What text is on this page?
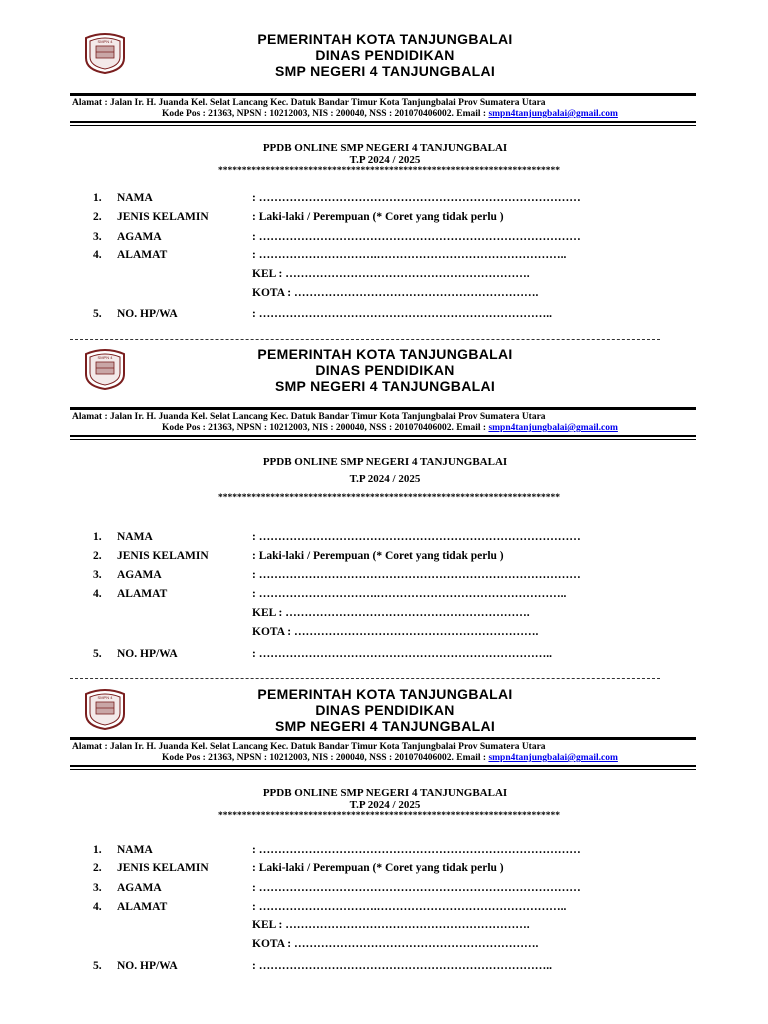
SMPN 4	PEMERINTAH KOTA TANJUNGBALAI
DINAS PENDIDIKAN
SMP NEGERI 4 TANJUNGBALAI
Alamat : Jalan Ir. H. Juanda Kel. Selat Lancang Kec. Datuk Bandar Timur Kota Tanjungbalai Prov Sumatera Utara
Kode Pos : 21363, NPSN : 10212003, NIS : 200040, NSS : 201070406002. Email : smpn4tanjungbalai@gmail.com
PPDB ONLINE SMP NEGERI 4 TANJUNGBALAI
T.P 2024 / 2025
************************************************************************
1. NAMA	: …………………………………………………………………………
2. JENIS KELAMIN	: Laki-laki / Perempuan (* Coret yang tidak perlu )
3. AGAMA	: …………………………………………………………………………
4. ALAMAT	: ………………………….…………………………………………..
KEL : ……………………………………………………….
KOTA : ……………………………………………………….
5. NO. HP/WA	: …………………………………………………………………..
SMPN 4	PEMERINTAH KOTA TANJUNGBALAI
DINAS PENDIDIKAN
SMP NEGERI 4 TANJUNGBALAI
Alamat : Jalan Ir. H. Juanda Kel. Selat Lancang Kec. Datuk Bandar Timur Kota Tanjungbalai Prov Sumatera Utara
Kode Pos : 21363, NPSN : 10212003, NIS : 200040, NSS : 201070406002. Email : smpn4tanjungbalai@gmail.com
PPDB ONLINE SMP NEGERI 4 TANJUNGBALAI
T.P 2024 / 2025
************************************************************************
1. NAMA	: …………………………………………………………………………
2. JENIS KELAMIN	: Laki-laki / Perempuan (* Coret yang tidak perlu )
3. AGAMA	: …………………………………………………………………………
4. ALAMAT	: ………………………….…………………………………………..
KEL : ……………………………………………………….
KOTA : ……………………………………………………….
5. NO. HP/WA	: …………………………………………………………………..
SMPN 4	PEMERINTAH KOTA TANJUNGBALAI
DINAS PENDIDIKAN
SMP NEGERI 4 TANJUNGBALAI
Alamat : Jalan Ir. H. Juanda Kel. Selat Lancang Kec. Datuk Bandar Timur Kota Tanjungbalai Prov Sumatera Utara
Kode Pos : 21363, NPSN : 10212003, NIS : 200040, NSS : 201070406002. Email : smpn4tanjungbalai@gmail.com
PPDB ONLINE SMP NEGERI 4 TANJUNGBALAI
T.P 2024 / 2025
************************************************************************
1. NAMA	: …………………………………………………………………………
2. JENIS KELAMIN	: Laki-laki / Perempuan (* Coret yang tidak perlu )
3. AGAMA	: …………………………………………………………………………
4. ALAMAT	: ………………………….…………………………………………..
KEL : ……………………………………………………….
KOTA : ……………………………………………………….
5. NO. HP/WA	: …………………………………………………………………..
